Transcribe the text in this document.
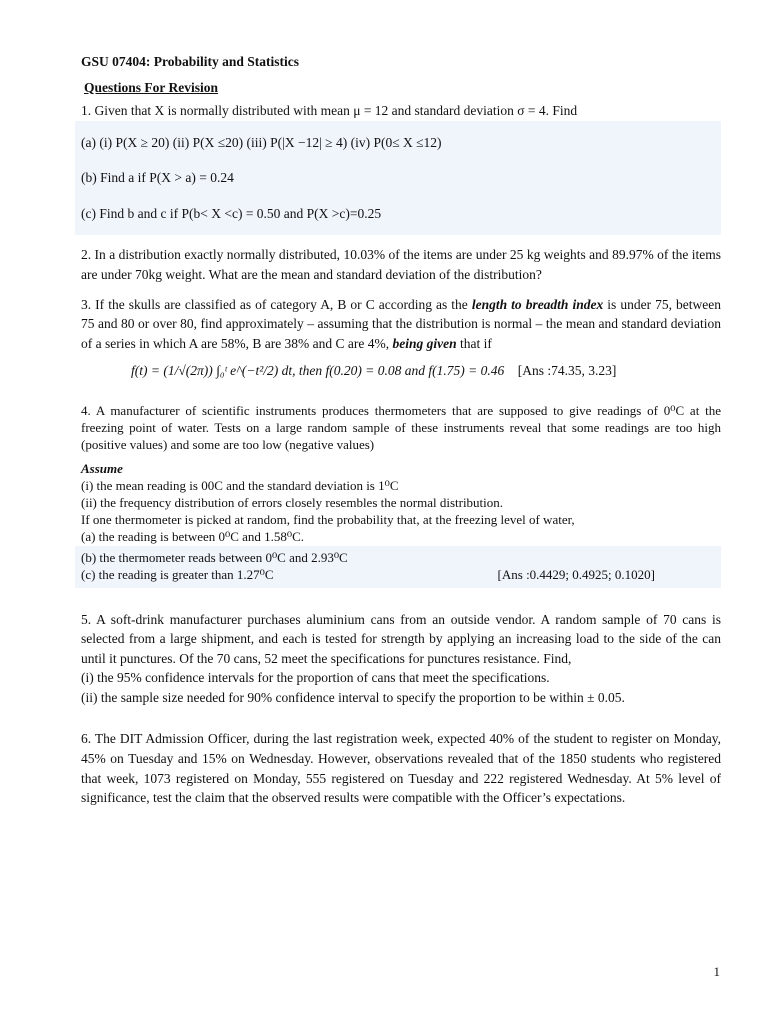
GSU 07404: Probability and Statistics

Questions For Revision

1. Given that X is normally distributed with mean μ = 12 and standard deviation σ = 4. Find

(a) (i) P(X ≥ 20) (ii) P(X ≤20) (iii) P(|X −12| ≥ 4) (iv) P(0≤ X ≤12)

(b) Find a if P(X > a) = 0.24

(c) Find b and c if P(b< X <c) = 0.50 and P(X >c)=0.25

2. In a distribution exactly normally distributed, 10.03% of the items are under 25 kg weights and 89.97% of the items are under 70kg weight. What are the mean and standard deviation of the distribution?

3. If the skulls are classified as of category A, B or C according as the length to breadth index is under 75, between 75 and 80 or over 80, find approximately – assuming that the distribution is normal – the mean and standard deviation of a series in which A are 58%, B are 38% and C are 4%, being given that if

f(t) = (1/√(2π)) ∫₀ᵗ e^(−t²/2) dt, then f(0.20) = 0.08 and f(1.75) = 0.46 [Ans :74.35, 3.23]

4. A manufacturer of scientific instruments produces thermometers that are supposed to give readings of 0⁰C at the freezing point of water. Tests on a large random sample of these instruments reveal that some readings are too high (positive values) and some are too low (negative values)

Assume

(i) the mean reading is 00C and the standard deviation is 1⁰C

(ii) the frequency distribution of errors closely resembles the normal distribution.

If one thermometer is picked at random, find the probability that, at the freezing level of water,

(a) the reading is between 0⁰C and 1.58⁰C.

(b) the thermometer reads between 0⁰C and 2.93⁰C

(c) the reading is greater than 1.27⁰C	[Ans :0.4429; 0.4925; 0.1020]

5. A soft-drink manufacturer purchases aluminium cans from an outside vendor. A random sample of 70 cans is selected from a large shipment, and each is tested for strength by applying an increasing load to the side of the can until it punctures. Of the 70 cans, 52 meet the specifications for punctures resistance. Find,

(i) the 95% confidence intervals for the proportion of cans that meet the specifications.

(ii) the sample size needed for 90% confidence interval to specify the proportion to be within ± 0.05.

6. The DIT Admission Officer, during the last registration week, expected 40% of the student to register on Monday, 45% on Tuesday and 15% on Wednesday. However, observations revealed that of the 1850 students who registered that week, 1073 registered on Monday, 555 registered on Tuesday and 222 registered Wednesday. At 5% level of significance, test the claim that the observed results were compatible with the Officer’s expectations.

1
